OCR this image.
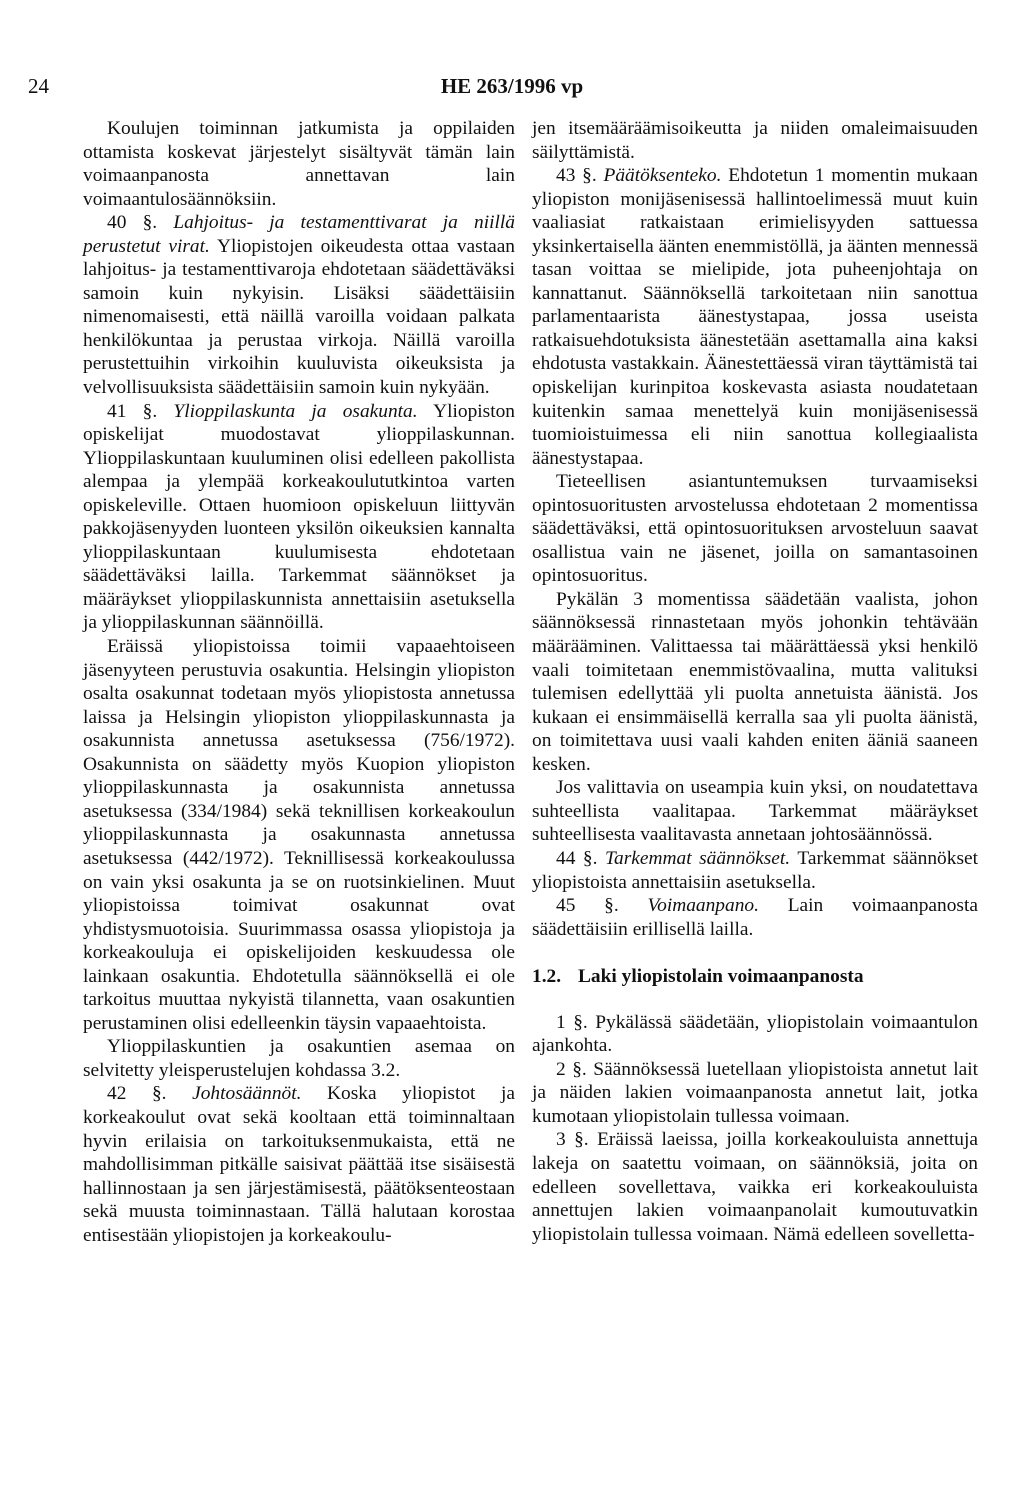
24	HE 263/1996 vp

Koulujen toiminnan jatkumista ja oppilaiden ottamista koskevat järjestelyt sisältyvät tämän lain voimaanpanosta annettavan lain voimaantulosäännöksiin.

40 §. Lahjoitus- ja testamenttivarat ja niillä perustetut virat. Yliopistojen oikeudesta ottaa vastaan lahjoitus- ja testamenttivaroja ehdotetaan säädettäväksi samoin kuin nykyisin. Lisäksi säädettäisiin nimenomaisesti, että näillä varoilla voidaan palkata henkilökuntaa ja perustaa virkoja. Näillä varoilla perustettuihin virkoihin kuuluvista oikeuksista ja velvollisuuksista säädettäisiin samoin kuin nykyään.

41 §. Ylioppilaskunta ja osakunta. Yliopiston opiskelijat muodostavat ylioppilaskunnan. Ylioppilaskuntaan kuuluminen olisi edelleen pakollista alempaa ja ylempää korkeakoulututkintoa varten opiskeleville. Ottaen huomioon opiskeluun liittyvän pakkojäsenyyden luonteen yksilön oikeuksien kannalta ylioppilaskuntaan kuulumisesta ehdotetaan säädettäväksi lailla. Tarkemmat säännökset ja määräykset ylioppilaskunnista annettaisiin asetuksella ja ylioppilaskunnan säännöillä.

Eräissä yliopistoissa toimii vapaaehtoiseen jäsenyyteen perustuvia osakuntia. Helsingin yliopiston osalta osakunnat todetaan myös yliopistosta annetussa laissa ja Helsingin yliopiston ylioppilaskunnasta ja osakunnista annetussa asetuksessa (756/1972). Osakunnista on säädetty myös Kuopion yliopiston ylioppilaskunnasta ja osakunnista annetussa asetuksessa (334/1984) sekä teknillisen korkeakoulun ylioppilaskunnasta ja osakunnasta annetussa asetuksessa (442/1972). Teknillisessä korkeakoulussa on vain yksi osakunta ja se on ruotsinkielinen. Muut yliopistoissa toimivat osakunnat ovat yhdistysmuotoisia. Suurimmassa osassa yliopistoja ja korkeakouluja ei opiskelijoiden keskuudessa ole lainkaan osakuntia. Ehdotetulla säännöksellä ei ole tarkoitus muuttaa nykyistä tilannetta, vaan osakuntien perustaminen olisi edelleenkin täysin vapaaehtoista.

Ylioppilaskuntien ja osakuntien asemaa on selvitetty yleisperustelujen kohdassa 3.2.

42 §. Johtosäännöt. Koska yliopistot ja korkeakoulut ovat sekä kooltaan että toiminnaltaan hyvin erilaisia on tarkoituksenmukaista, että ne mahdollisimman pitkälle saisivat päättää itse sisäisestä hallinnostaan ja sen järjestämisestä, päätöksenteostaan sekä muusta toiminnastaan. Tällä halutaan korostaa entisestään yliopistojen ja korkeakoulu-

jen itsemääräämisoikeutta ja niiden omaleimaisuuden säilyttämistä.

43 §. Päätöksenteko. Ehdotetun 1 momentin mukaan yliopiston monijäsenisessä hallintoelimessä muut kuin vaaliasiat ratkaistaan erimielisyyden sattuessa yksinkertaisella äänten enemmistöllä, ja äänten mennessä tasan voittaa se mielipide, jota puheenjohtaja on kannattanut. Säännöksellä tarkoitetaan niin sanottua parlamentaarista äänestystapaa, jossa useista ratkaisuehdotuksista äänestetään asettamalla aina kaksi ehdotusta vastakkain. Äänestettäessä viran täyttämistä tai opiskelijan kurinpitoa koskevasta asiasta noudatetaan kuitenkin samaa menettelyä kuin monijäsenisessä tuomioistuimessa eli niin sanottua kollegiaalista äänestystapaa.

Tieteellisen asiantuntemuksen turvaamiseksi opintosuoritusten arvostelussa ehdotetaan 2 momentissa säädettäväksi, että opintosuorituksen arvosteluun saavat osallistua vain ne jäsenet, joilla on samantasoinen opintosuoritus.

Pykälän 3 momentissa säädetään vaalista, johon säännöksessä rinnastetaan myös johonkin tehtävään määrääminen. Valittaessa tai määrättäessä yksi henkilö vaali toimitetaan enemmistövaalina, mutta valituksi tulemisen edellyttää yli puolta annetuista äänistä. Jos kukaan ei ensimmäisellä kerralla saa yli puolta äänistä, on toimitettava uusi vaali kahden eniten ääniä saaneen kesken.

Jos valittavia on useampia kuin yksi, on noudatettava suhteellista vaalitapaa. Tarkemmat määräykset suhteellisesta vaalitavasta annetaan johtosäännössä.

44 §. Tarkemmat säännökset. Tarkemmat säännökset yliopistoista annettaisiin asetuksella.

45 §. Voimaanpano. Lain voimaanpanosta säädettäisiin erillisellä lailla.

1.2. Laki yliopistolain voimaanpanosta

1 §. Pykälässä säädetään, yliopistolain voimaantulon ajankohta.

2 §. Säännöksessä luetellaan yliopistoista annetut lait ja näiden lakien voimaanpanosta annetut lait, jotka kumotaan yliopistolain tullessa voimaan.

3 §. Eräissä laeissa, joilla korkeakouluista annettuja lakeja on saatettu voimaan, on säännöksiä, joita on edelleen sovellettava, vaikka eri korkeakouluista annettujen lakien voimaanpanolait kumoutuvatkin yliopistolain tullessa voimaan. Nämä edelleen sovelletta-
